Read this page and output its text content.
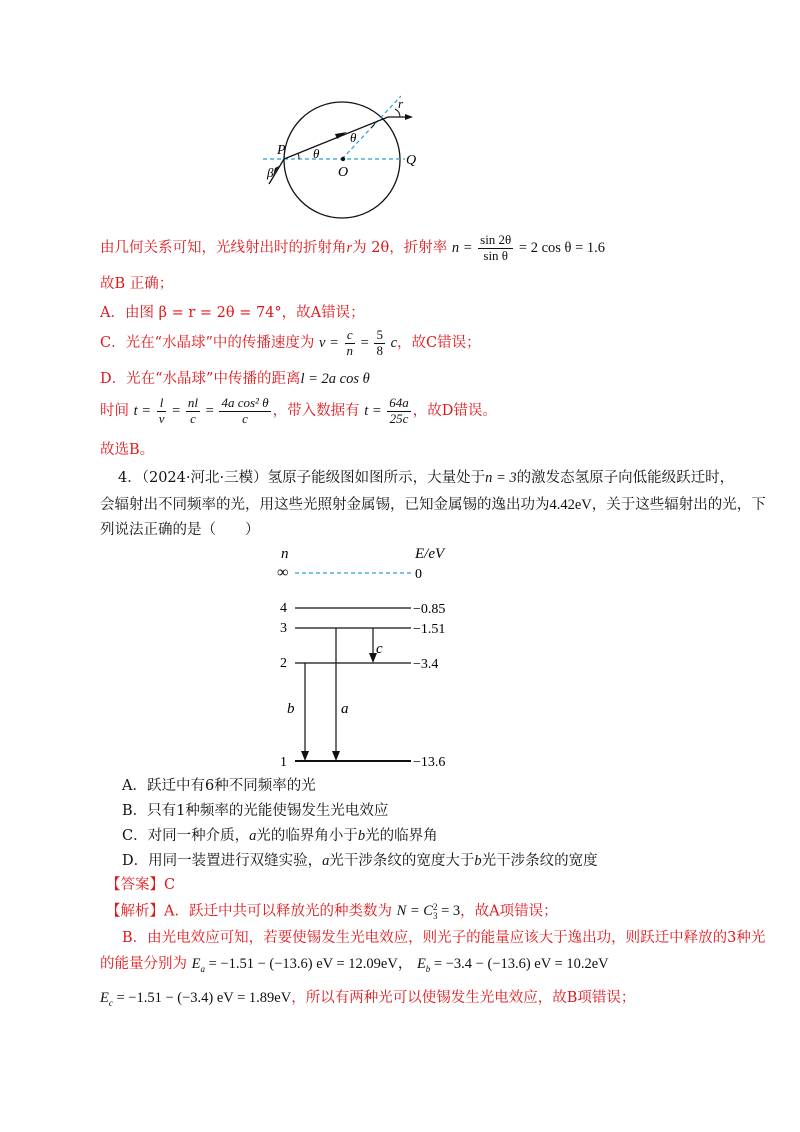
P
O
Q
θ
θ
r
β
由几何关系可知，光线射出时的折射角r为 2θ，折射率 $n = \frac{\sin 2\theta}{\text{sin θ}} = 2$ cos θ = 1.6
故B 正确；
A．由图 β = r = 2θ = 74°，故A错误；
C．光在“水晶球”中的传播速度为 $v = \frac{c}{n} = \frac{5}{8}$ c，故C错误；
D．光在“水晶球”中传播的距离l = 2a cos θ
时间 $t = \frac{l}{v} = \frac{nl}{c} = \frac{\text{4a cos² θ}}{c}$ ，带入数据有 $t = \frac{64a}{25c}$ ，故D错误。
故选B。
4．（2024·河北·三模）氢原子能级图如图所示，大量处于n = 3的激发态氢原子向低能级跃迁时，
会辐射出不同频率的光，用这些光照射金属锡，已知金属锡的逸出功为4.42eV，关于这些辐射出的光，下
列说法正确的是（　　）
n	E/eV
∞	0
4	−0.85
3	−1.51
2	−3.4
1	−13.6
b	a
c
A．跃迁中有6种不同频率的光
B．只有1种频率的光能使锡发生光电效应
C．对同一种介质，a光的临界角小于b光的临界角
D．用同一装置进行双缝实验，a光干涉条纹的宽度大于b光干涉条纹的宽度
【答案】C
【解析】A．跃迁中共可以释放光的种类数为 N = C 2
3 = 3，故A项错误；
B．由光电效应可知，若要使锡发生光电效应，则光子的能量应该大于逸出功，则跃迁中释放的3种光
的能量分别为 $E_a = -1.51 - (-13.6)$ eV = 12.09eV， $E_b = -3.4 - (-13.6)$ eV = 10.2eV
$E_c = -1.51 - (-3.4)$ eV = 1.89eV，所以有两种光可以使锡发生光电效应，故B项错误；
